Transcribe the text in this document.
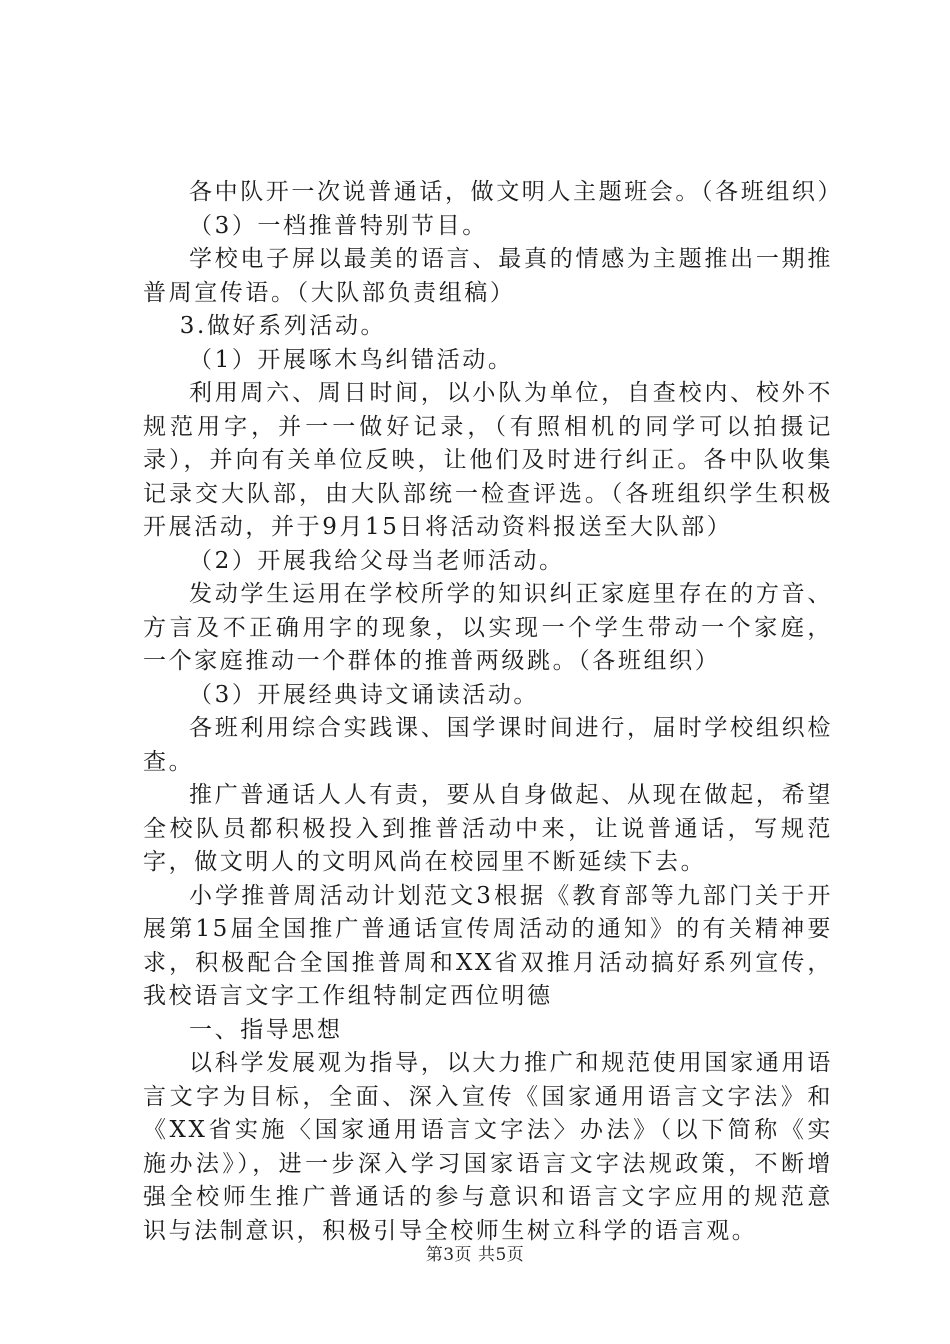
各中队开一次说普通话，做文明人主题班会。（各班组织）

（3）一档推普特别节目。

学校电子屏以最美的语言、最真的情感为主题推出一期推普周宣传语。（大队部负责组稿）

3.做好系列活动。

（1）开展啄木鸟纠错活动。

利用周六、周日时间，以小队为单位，自查校内、校外不规范用字，并一一做好记录，（有照相机的同学可以拍摄记录），并向有关单位反映，让他们及时进行纠正。各中队收集记录交大队部，由大队部统一检查评选。（各班组织学生积极开展活动，并于9月15日将活动资料报送至大队部）

（2）开展我给父母当老师活动。

发动学生运用在学校所学的知识纠正家庭里存在的方音、方言及不正确用字的现象，以实现一个学生带动一个家庭，一个家庭推动一个群体的推普两级跳。（各班组织）

（3）开展经典诗文诵读活动。

各班利用综合实践课、国学课时间进行，届时学校组织检查。

推广普通话人人有责，要从自身做起、从现在做起，希望全校队员都积极投入到推普活动中来，让说普通话，写规范字，做文明人的文明风尚在校园里不断延续下去。

小学推普周活动计划范文3根据《教育部等九部门关于开展第15届全国推广普通话宣传周活动的通知》的有关精神要求，积极配合全国推普周和XX省双推月活动搞好系列宣传，我校语言文字工作组特制定西位明德

一、指导思想

以科学发展观为指导，以大力推广和规范使用国家通用语言文字为目标，全面、深入宣传《国家通用语言文字法》和《XX省实施〈国家通用语言文字法〉办法》（以下简称《实施办法》），进一步深入学习国家语言文字法规政策，不断增强全校师生推广普通话的参与意识和语言文字应用的规范意识与法制意识，积极引导全校师生树立科学的语言观。

第3页 共5页
